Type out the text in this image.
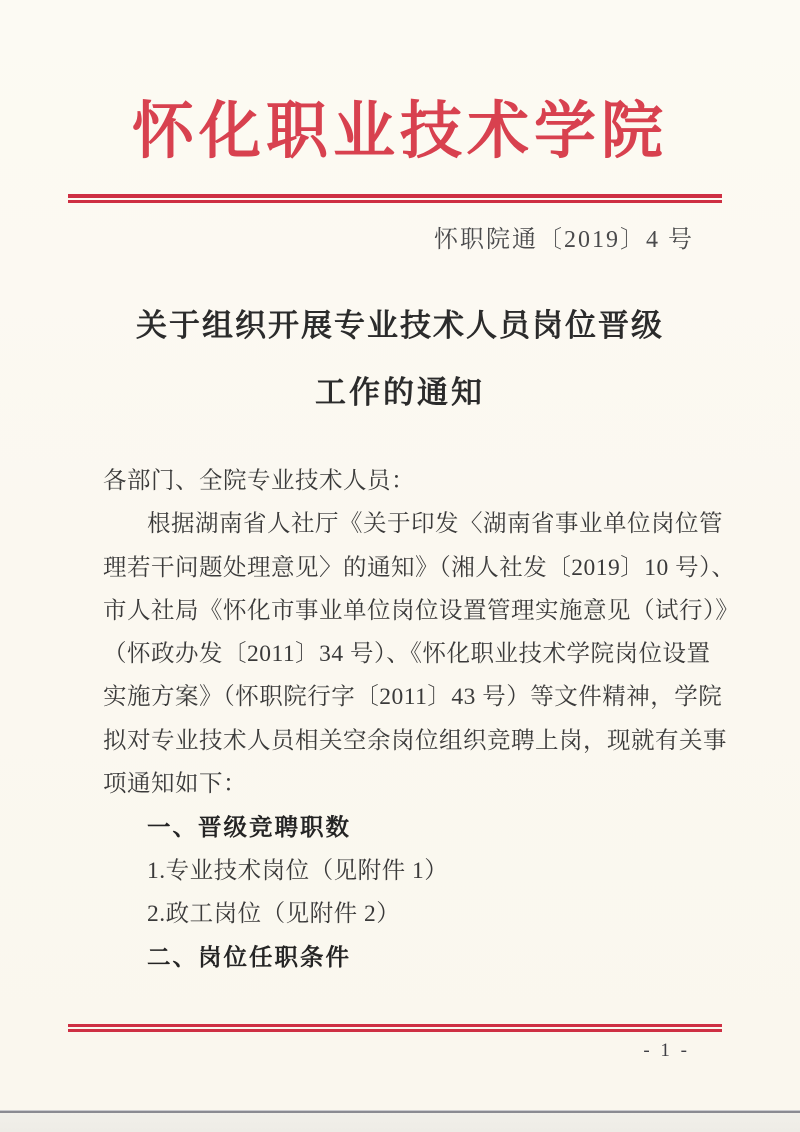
怀化职业技术学院
怀职院通〔2019〕4 号
关于组织开展专业技术人员岗位晋级
工作的通知
各部门、全院专业技术人员：
根据湖南省人社厅《关于印发〈湖南省事业单位岗位管
理若干问题处理意见〉的通知》（湘人社发〔2019〕10 号）、
市人社局《怀化市事业单位岗位设置管理实施意见（试行）》
（怀政办发〔2011〕34 号）、《怀化职业技术学院岗位设置
实施方案》（怀职院行字〔2011〕43 号）等文件精神，学院
拟对专业技术人员相关空余岗位组织竞聘上岗，现就有关事
项通知如下：
一、晋级竞聘职数
1.专业技术岗位（见附件 1）
2.政工岗位（见附件 2）
二、岗位任职条件
- 1 -
